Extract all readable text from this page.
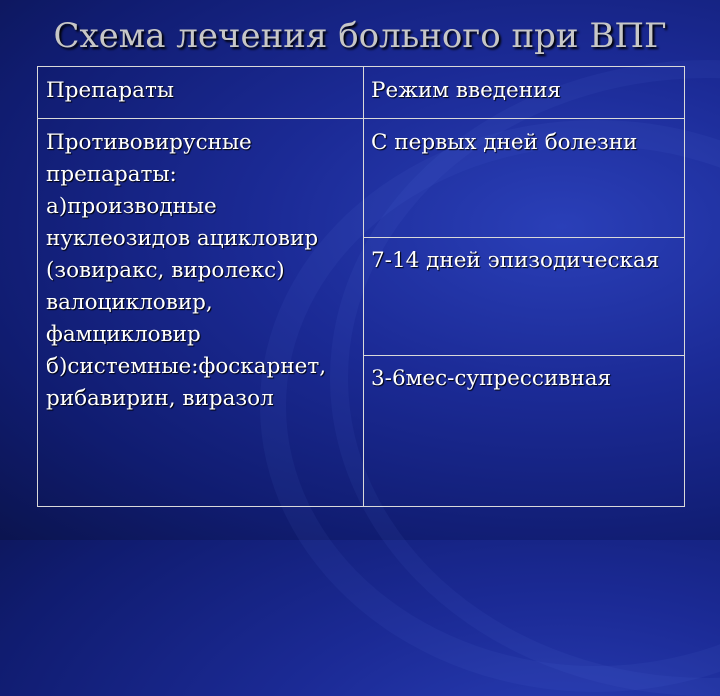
Схема лечения больного при ВПГ
Препараты	Режим введения
Противовирусные
препараты:
а)производные
нуклеозидов ацикловир
(зовиракс, виролекс)
валоцикловир,
фамцикловир
б)системные:фоскарнет,
рибавирин, виразол
С первых дней болезни
7-14 дней эпизодическая
3-6мес-супрессивная
